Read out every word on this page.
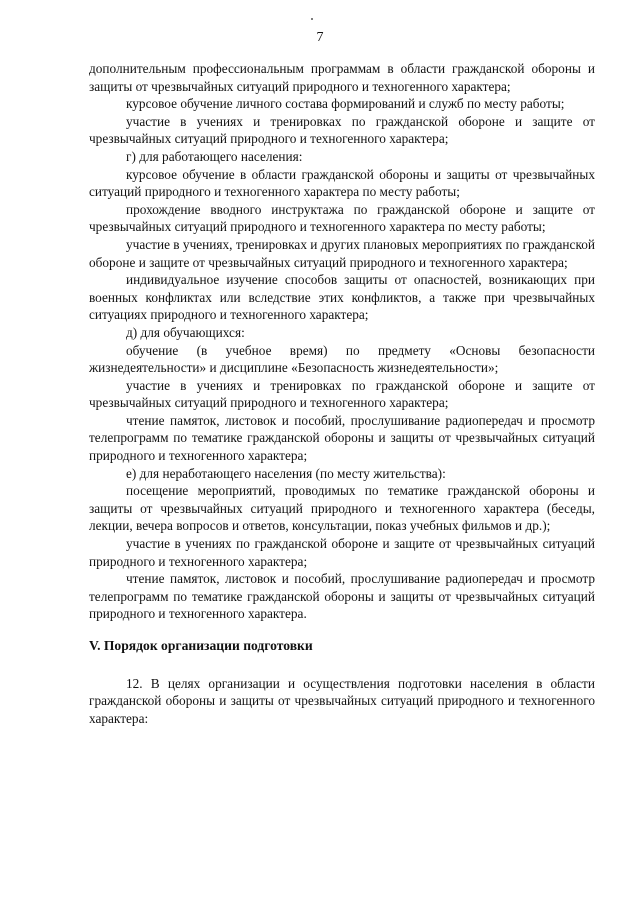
7

дополнительным профессиональным программам в области гражданской обороны и защиты от чрезвычайных ситуаций природного и техногенного характера;

курсовое обучение личного состава формирований и служб по месту работы;

участие в учениях и тренировках по гражданской обороне и защите от чрезвычайных ситуаций природного и техногенного характера;

г) для работающего населения:

курсовое обучение в области гражданской обороны и защиты от чрезвычайных ситуаций природного и техногенного характера по месту работы;

прохождение вводного инструктажа по гражданской обороне и защите от чрезвычайных ситуаций природного и техногенного характера по месту работы;

участие в учениях, тренировках и других плановых мероприятиях по гражданской обороне и защите от чрезвычайных ситуаций природного и техногенного характера;

индивидуальное изучение способов защиты от опасностей, возникающих при военных конфликтах или вследствие этих конфликтов, а также при чрезвычайных ситуациях природного и техногенного характера;

д) для обучающихся:

обучение (в учебное время) по предмету «Основы безопасности жизнедеятельности» и дисциплине «Безопасность жизнедеятельности»;

участие в учениях и тренировках по гражданской обороне и защите от чрезвычайных ситуаций природного и техногенного характера;

чтение памяток, листовок и пособий, прослушивание радиопередач и просмотр телепрограмм по тематике гражданской обороны и защиты от чрезвычайных ситуаций природного и техногенного характера;

е) для неработающего населения (по месту жительства):

посещение мероприятий, проводимых по тематике гражданской обороны и защиты от чрезвычайных ситуаций природного и техногенного характера (беседы, лекции, вечера вопросов и ответов, консультации, показ учебных фильмов и др.);

участие в учениях по гражданской обороне и защите от чрезвычайных ситуаций природного и техногенного характера;

чтение памяток, листовок и пособий, прослушивание радиопередач и просмотр телепрограмм по тематике гражданской обороны и защиты от чрезвычайных ситуаций природного и техногенного характера.

V. Порядок организации подготовки

12. В целях организации и осуществления подготовки населения в области гражданской обороны и защиты от чрезвычайных ситуаций природного и техногенного характера:
